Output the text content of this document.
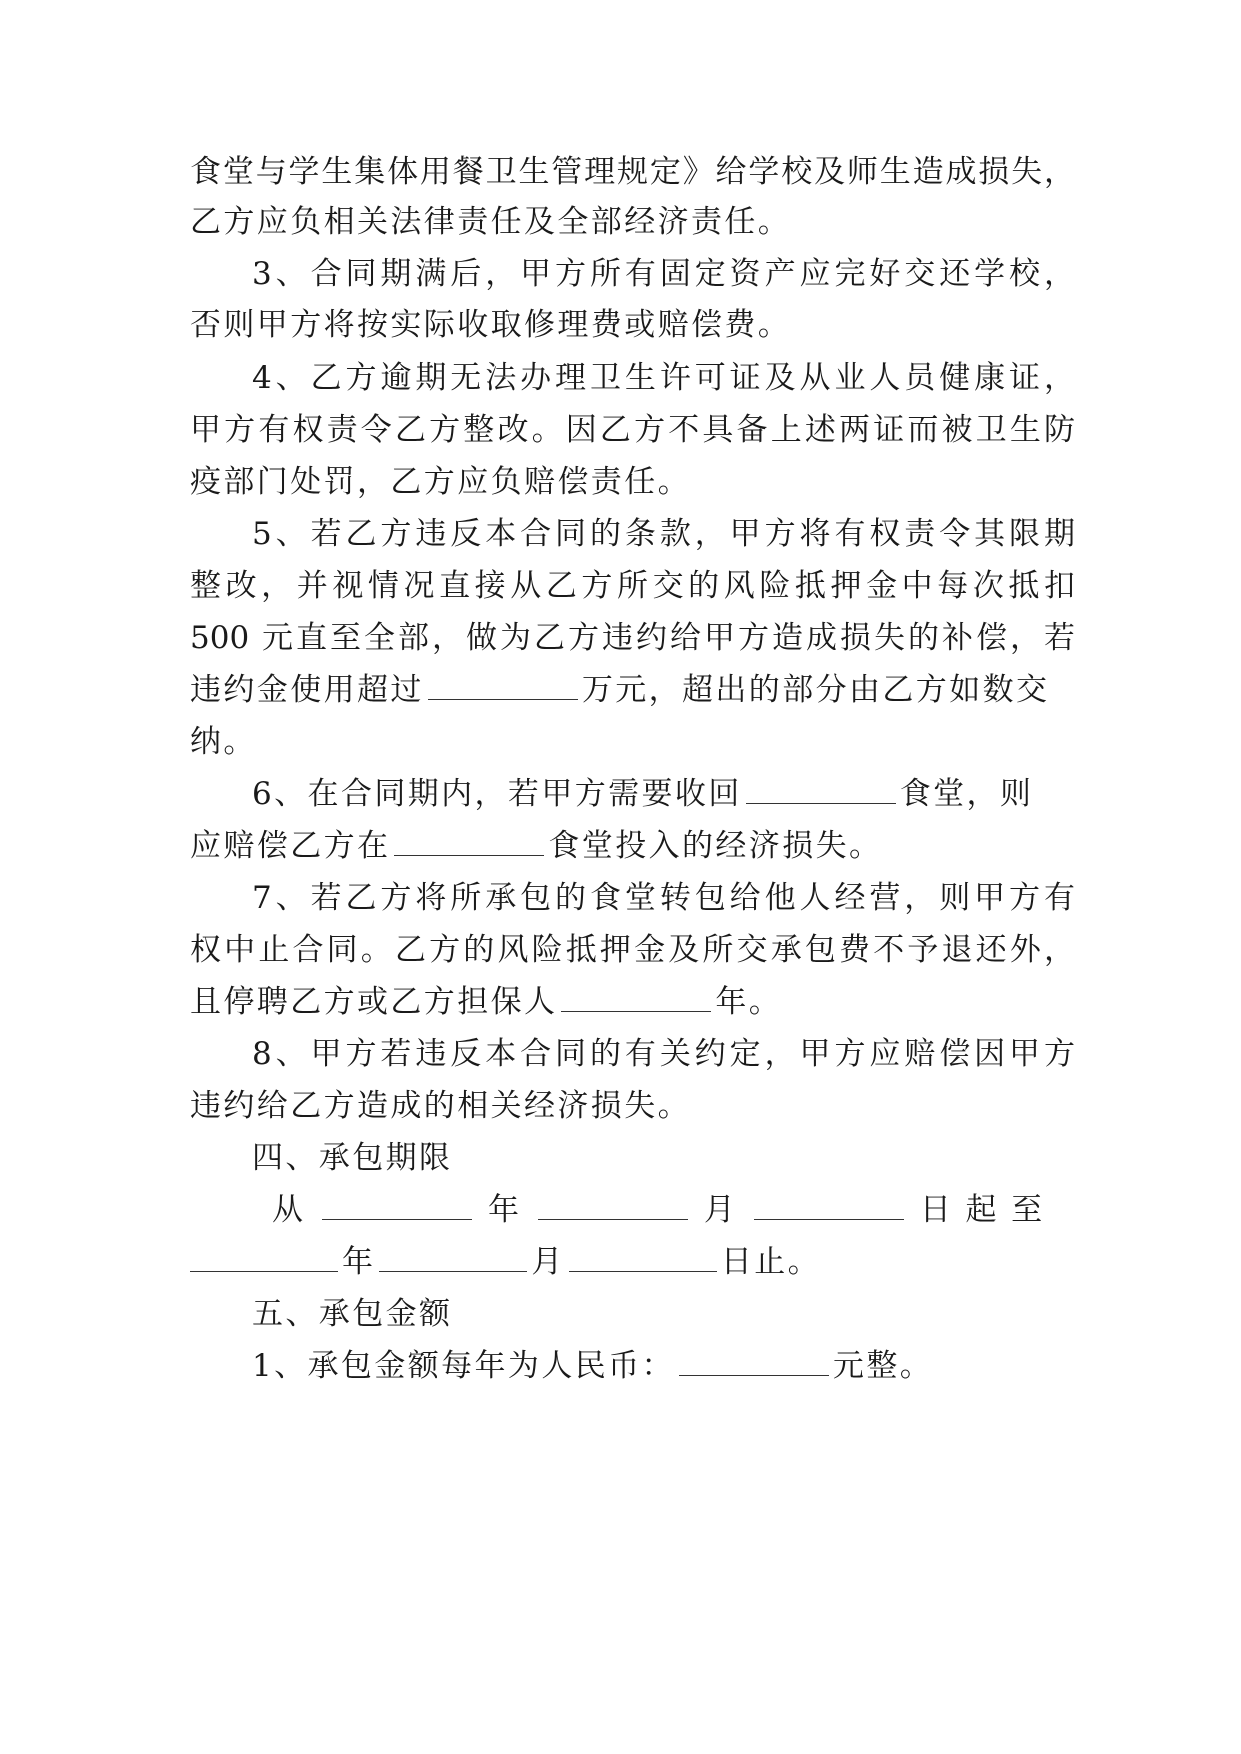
食堂与学生集体用餐卫生管理规定》给学校及师生造成损失，
乙方应负相关法律责任及全部经济责任。
3、合同期满后，甲方所有固定资产应完好交还学校，
否则甲方将按实际收取修理费或赔偿费。
4、乙方逾期无法办理卫生许可证及从业人员健康证，
甲方有权责令乙方整改。因乙方不具备上述两证而被卫生防
疫部门处罚，乙方应负赔偿责任。
5、若乙方违反本合同的条款，甲方将有权责令其限期
整改，并视情况直接从乙方所交的风险抵押金中每次抵扣
500 元直至全部，做为乙方违约给甲方造成损失的补偿，若
违约金使用超过	万元，超出的部分由乙方如数交
纳。
6、在合同期内，若甲方需要收回	食堂，则
应赔偿乙方在	食堂投入的经济损失。
7、若乙方将所承包的食堂转包给他人经营，则甲方有
权中止合同。乙方的风险抵押金及所交承包费不予退还外，
且停聘乙方或乙方担保人	年。
8、甲方若违反本合同的有关约定，甲方应赔偿因甲方
违约给乙方造成的相关经济损失。
四、承包期限
从	年	月	日 起 至
年	月	日止。
五、承包金额
1、承包金额每年为人民币：	元整。
